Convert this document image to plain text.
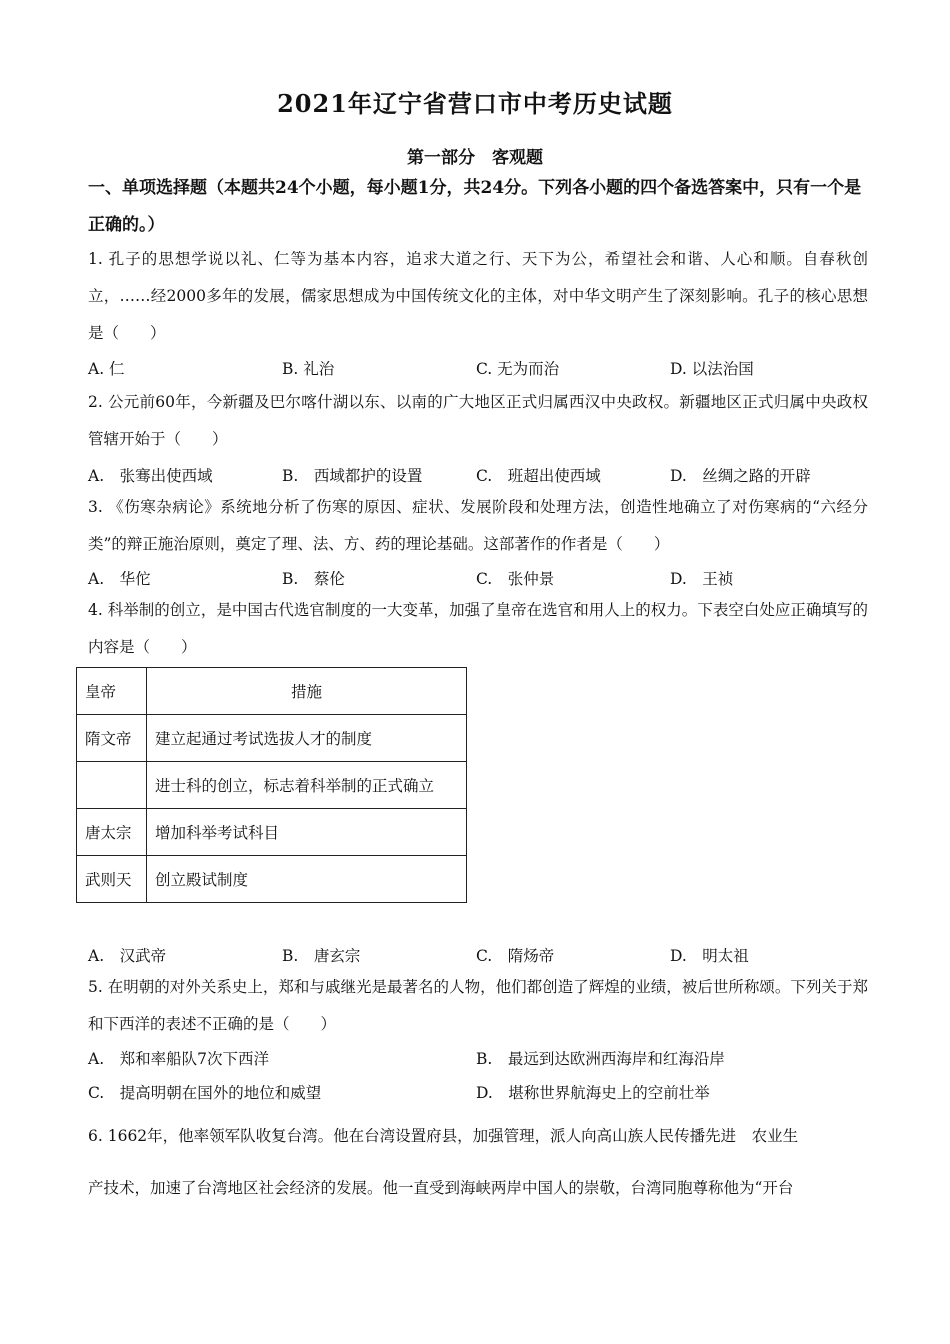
2021年辽宁省营口市中考历史试题
第一部分　客观题
一、单项选择题（本题共24个小题，每小题1分，共24分。下列各小题的四个备选答案中，只有一个是正确的。）
1. 孔子的思想学说以礼、仁等为基本内容，追求大道之行、天下为公，希望社会和谐、人心和顺。自春秋创立，……经2000多年的发展，儒家思想成为中国传统文化的主体，对中华文明产生了深刻影响。孔子的核心思想是（　　）
A. 仁	B. 礼治	C. 无为而治	D. 以法治国
2. 公元前60年，今新疆及巴尔喀什湖以东、以南的广大地区正式归属西汉中央政权。新疆地区正式归属中央政权管辖开始于（　　）
A.　张骞出使西域	B.　西域都护的设置	C.　班超出使西域	D.　丝绸之路的开辟
3. 《伤寒杂病论》系统地分析了伤寒的原因、症状、发展阶段和处理方法，创造性地确立了对伤寒病的“六经分类”的辩正施治原则，奠定了理、法、方、药的理论基础。这部著作的作者是（　　）
A.　华佗	B.　蔡伦	C.　张仲景	D.　王祯
4. 科举制的创立，是中国古代选官制度的一大变革，加强了皇帝在选官和用人上的权力。下表空白处应正确填写的内容是（　　）
皇帝	措施
隋文帝	建立起通过考试选拔人才的制度
	进士科的创立，标志着科举制的正式确立
唐太宗	增加科举考试科目
武则天	创立殿试制度
A.　汉武帝	B.　唐玄宗	C.　隋炀帝	D.　明太祖
5. 在明朝的对外关系史上，郑和与戚继光是最著名的人物，他们都创造了辉煌的业绩，被后世所称颂。下列关于郑和下西洋的表述不正确的是（　　）
A.　郑和率船队7次下西洋	B.　最远到达欧洲西海岸和红海沿岸
C.　提高明朝在国外的地位和威望	D.　堪称世界航海史上的空前壮举
6. 1662年，他率领军队收复台湾。他在台湾设置府县，加强管理，派人向高山族人民传播先进　农业生
产技术，加速了台湾地区社会经济的发展。他一直受到海峡两岸中国人的崇敬，台湾同胞尊称他为“开台
